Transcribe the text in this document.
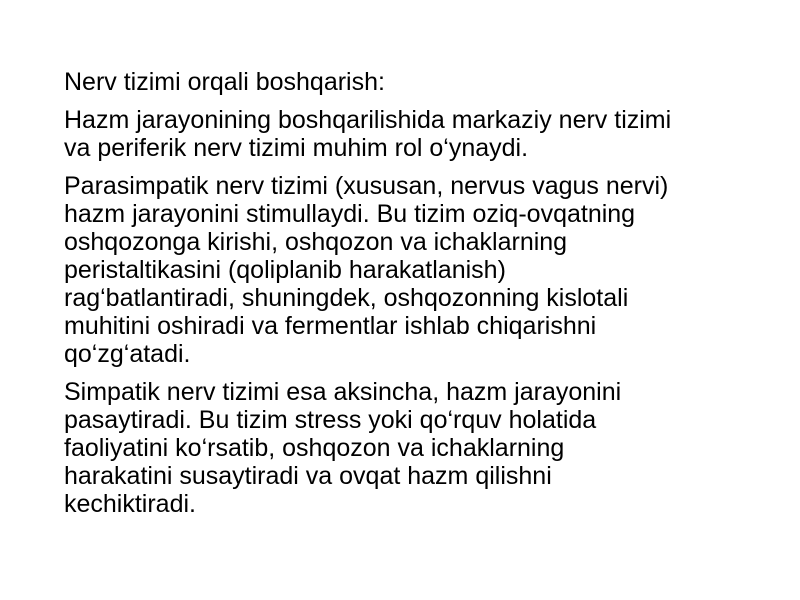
Nerv tizimi orqali boshqarish:

Hazm jarayonining boshqarilishida markaziy nerv tizimi
va periferik nerv tizimi muhim rol o‘ynaydi.

Parasimpatik nerv tizimi (xususan, nervus vagus nervi)
hazm jarayonini stimullaydi. Bu tizim oziq-ovqatning
oshqozonga kirishi, oshqozon va ichaklarning
peristaltikasini (qoliplanib harakatlanish)
rag‘batlantiradi, shuningdek, oshqozonning kislotali
muhitini oshiradi va fermentlar ishlab chiqarishni
qo‘zg‘atadi.

Simpatik nerv tizimi esa aksincha, hazm jarayonini
pasaytiradi. Bu tizim stress yoki qo‘rquv holatida
faoliyatini ko‘rsatib, oshqozon va ichaklarning
harakatini susaytiradi va ovqat hazm qilishni
kechiktiradi.
